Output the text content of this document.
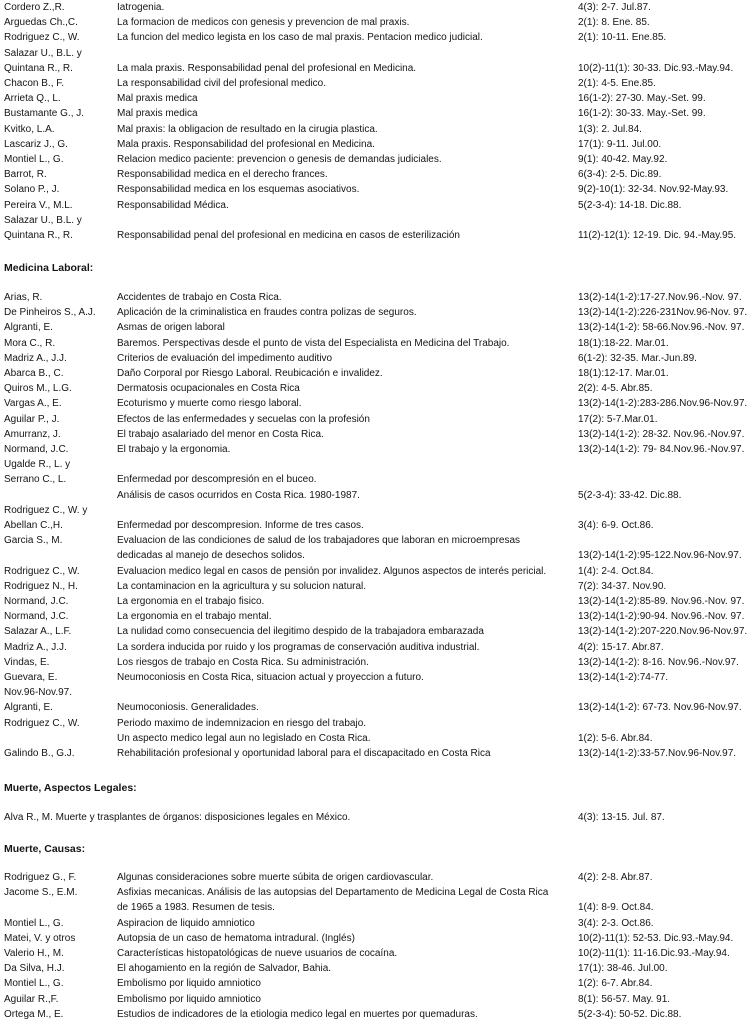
Cordero Z.,R.	Iatrogenia.	4(3): 2-7. Jul.87.
Arguedas Ch.,C.	La formacion de medicos con genesis y prevencion de mal praxis.	2(1): 8. Ene. 85.
Rodriguez C., W.	La funcion del medico legista en los caso de mal praxis. Pentacion medico judicial.	2(1): 10-11. Ene.85.
Salazar U., B.L. y
Quintana R., R.	La mala praxis. Responsabilidad penal del profesional en Medicina.	10(2)-11(1): 30-33. Dic.93.-May.94.
Chacon B., F.	La responsabilidad civil del profesional medico.	2(1): 4-5. Ene.85.
Arrieta Q., L.	Mal praxis medica	16(1-2): 27-30. May.-Set. 99.
Bustamante G., J.	Mal praxis medica	16(1-2): 30-33. May.-Set. 99.
Kvitko, L.A.	Mal praxis: la obligacion de resultado en la cirugia plastica.	1(3): 2. Jul.84.
Lascariz J., G.	Mala praxis. Responsabilidad del profesional en Medicina.	17(1): 9-11. Jul.00.
Montiel L., G.	Relacion medico paciente: prevencion o genesis de demandas judiciales.	9(1): 40-42. May.92.
Barrot, R.	Responsabilidad medica en el derecho frances.	6(3-4): 2-5. Dic.89.
Solano P., J.	Responsabilidad medica en los esquemas asociativos.	9(2)-10(1): 32-34. Nov.92-May.93.
Pereira V., M.L.	Responsabilidad Médica.	5(2-3-4): 14-18. Dic.88.
Salazar U., B.L. y
Quintana R., R.	Responsabilidad penal del profesional en medicina en casos de esterilización	11(2)-12(1): 12-19. Dic. 94.-May.95.
Medicina Laboral:
Arias, R.	Accidentes de trabajo en Costa Rica.	13(2)-14(1-2):17-27.Nov.96.-Nov. 97.
De Pinheiros S., A.J.	Aplicación de la criminalistica en fraudes contra polizas de seguros.	13(2)-14(1-2):226-231Nov.96-Nov. 97.
Algranti, E.	Asmas de origen laboral	13(2)-14(1-2): 58-66.Nov.96.-Nov. 97.
Mora C., R.	Baremos. Perspectivas desde el punto de vista del Especialista en Medicina del Trabajo.	18(1):18-22. Mar.01.
Madriz A., J.J.	Criterios de evaluación del impedimento auditivo	6(1-2): 32-35. Mar.-Jun.89.
Abarca B., C.	Daño Corporal por Riesgo Laboral. Reubicación e invalidez.	18(1):12-17. Mar.01.
Quiros M., L.G.	Dermatosis ocupacionales en Costa Rica	2(2): 4-5. Abr.85.
Vargas A., E.	Ecoturismo y muerte como riesgo laboral.	13(2)-14(1-2):283-286.Nov.96-Nov.97.
Aguilar P., J.	Efectos de las enfermedades y secuelas con la profesión	17(2): 5-7.Mar.01.
Amurranz, J.	El trabajo asalariado del menor en Costa Rica.	13(2)-14(1-2): 28-32. Nov.96.-Nov.97.
Normand, J.C.	El trabajo y la ergonomia.	13(2)-14(1-2): 79- 84.Nov.96.-Nov.97.
Ugalde R., L. y
Serrano C., L.	Enfermedad por descompresión en el buceo.
Análisis de casos ocurridos en Costa Rica. 1980-1987.	5(2-3-4): 33-42. Dic.88.
Rodriguez C., W. y
Abellan C.,H.	Enfermedad por descompresion. Informe de tres casos.	3(4): 6-9. Oct.86.
Garcia S., M.	Evaluacion de las condiciones de salud de los trabajadores que laboran en microempresas
dedicadas al manejo de desechos solidos.	13(2)-14(1-2):95-122.Nov.96-Nov.97.
Rodriguez C., W.	Evaluacion medico legal en casos de pensión por invalidez. Algunos aspectos de interés pericial.	1(4): 2-4. Oct.84.
Rodriguez N., H.	La contaminacion en la agricultura y su solucion natural.	7(2): 34-37. Nov.90.
Normand, J.C.	La ergonomia en el trabajo fisico.	13(2)-14(1-2):85-89. Nov.96.-Nov. 97.
Normand, J.C.	La ergonomia en el trabajo mental.	13(2)-14(1-2):90-94. Nov.96.-Nov. 97.
Salazar A., L.F.	La nulidad como consecuencia del ilegitimo despido de la trabajadora embarazada	13(2)-14(1-2):207-220.Nov.96-Nov.97.
Madriz A., J.J.	La sordera inducida por ruido y los programas de conservación auditiva industrial.	4(2): 15-17. Abr.87.
Vindas, E.	Los riesgos de trabajo en Costa Rica. Su administración.	13(2)-14(1-2): 8-16. Nov.96.-Nov.97.
Guevara, E.	Neumoconiosis en Costa Rica, situacion actual y proyeccion a futuro.	13(2)-14(1-2):74-77.
Nov.96-Nov.97.
Algranti, E.	Neumoconiosis. Generalidades.	13(2)-14(1-2): 67-73. Nov.96-Nov.97.
Rodriguez C., W.	Periodo maximo de indemnizacion en riesgo del trabajo.
Un aspecto medico legal aun no legislado en Costa Rica.	1(2): 5-6. Abr.84.
Galindo B., G.J.	Rehabilitación profesional y oportunidad laboral para el discapacitado en Costa Rica	13(2)-14(1-2):33-57.Nov.96-Nov.97.
Muerte, Aspectos Legales:
Alva R., M. Muerte y trasplantes de órganos: disposiciones legales en México.	4(3): 13-15. Jul. 87.
Muerte, Causas:
Rodriguez G., F.	Algunas consideraciones sobre muerte súbita de origen cardiovascular.	4(2): 2-8. Abr.87.
Jacome S., E.M.	Asfixias mecanicas. Análisis de las autopsias del Departamento de Medicina Legal de Costa Rica
de 1965 a 1983. Resumen de tesis.	1(4): 8-9. Oct.84.
Montiel L., G.	Aspiracion de liquido amniotico	3(4): 2-3. Oct.86.
Matei, V. y otros	Autopsia de un caso de hematoma intradural. (Inglés)	10(2)-11(1): 52-53. Dic.93.-May.94.
Valerio H., M.	Características histopatológicas de nueve usuarios de cocaína.	10(2)-11(1): 11-16.Dic.93.-May.94.
Da Silva, H.J.	El ahogamiento en la región de Salvador, Bahia.	17(1): 38-46. Jul.00.
Montiel L., G.	Embolismo por liquido amniotico	1(2): 6-7. Abr.84.
Aguilar R.,F.	Embolismo por liquido amniotico	8(1): 56-57. May. 91.
Ortega M., E.	Estudios de indicadores de la etiologia medico legal en muertes por quemaduras.	5(2-3-4): 50-52. Dic.88.
